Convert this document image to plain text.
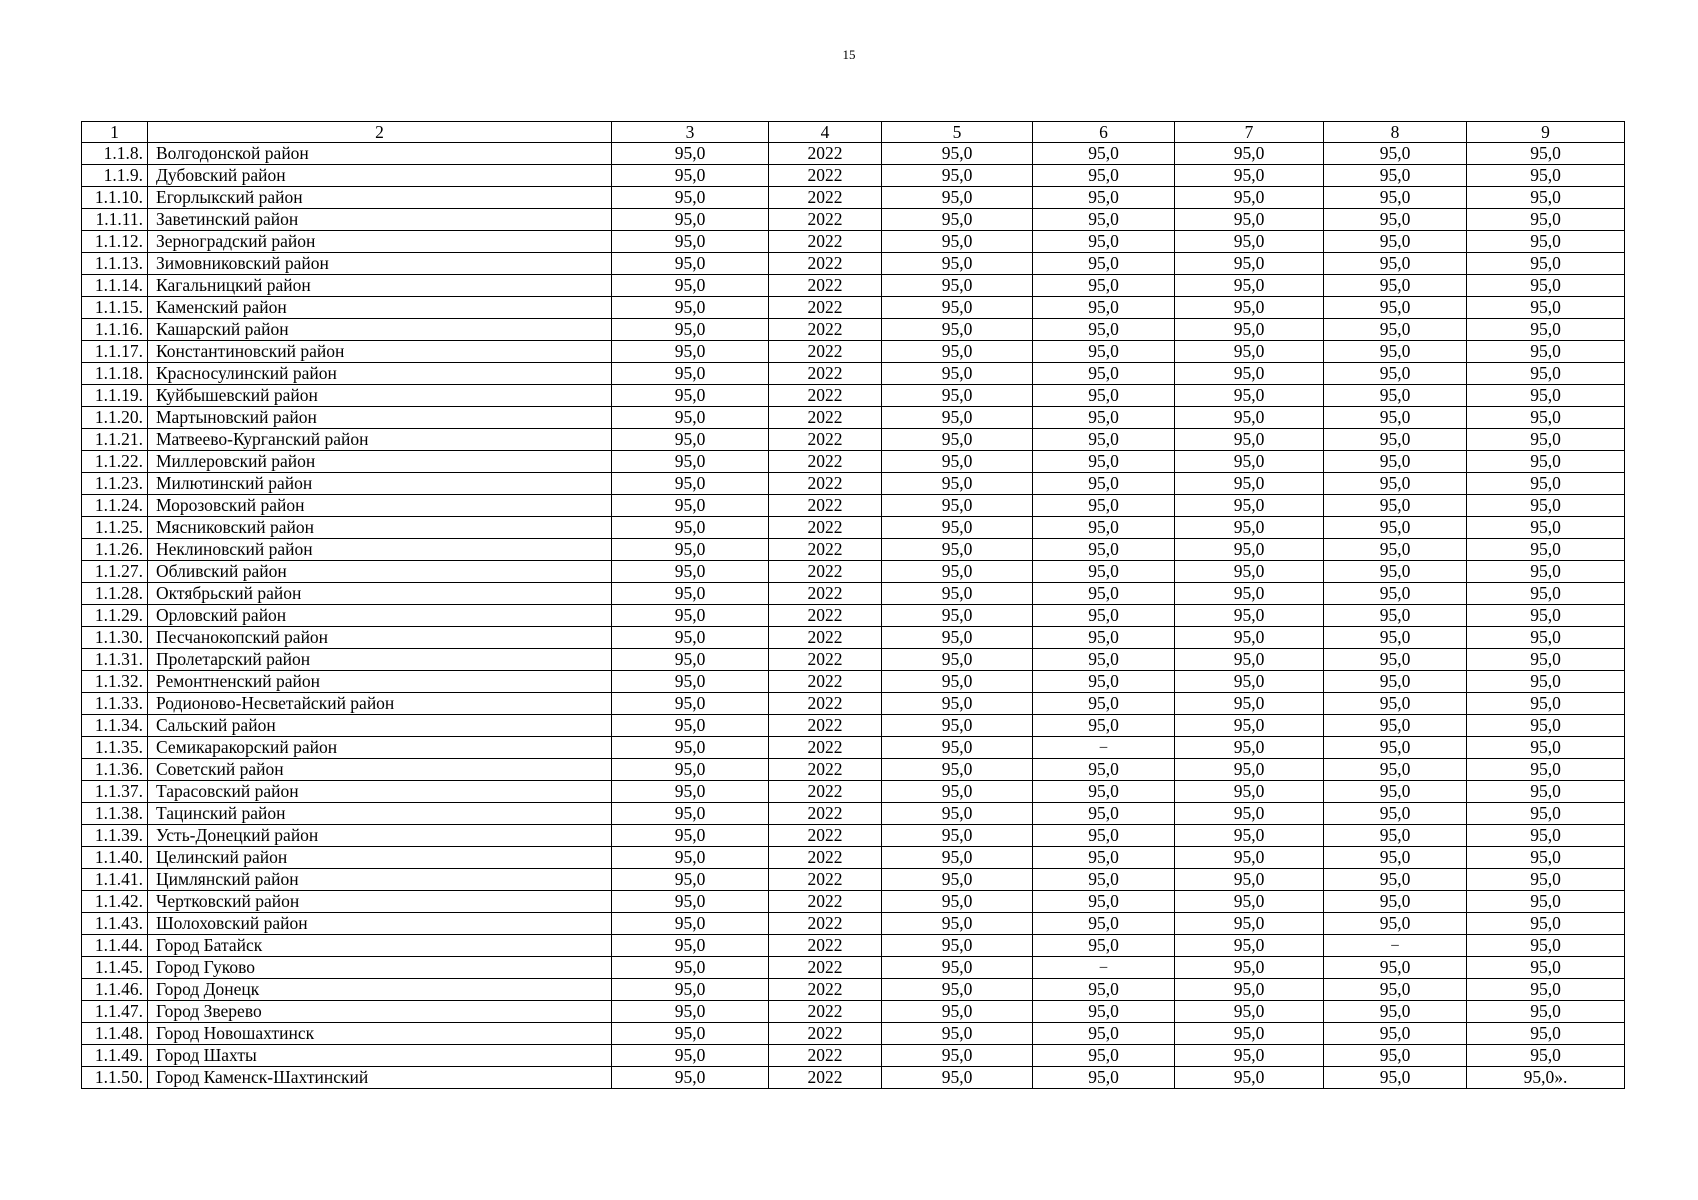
15
1	2	3	4	5	6	7	8	9
1.1.8.	Волгодонской район	95,0	2022	95,0	95,0	95,0	95,0	95,0
1.1.9.	Дубовский район	95,0	2022	95,0	95,0	95,0	95,0	95,0
1.1.10.	Егорлыкский район	95,0	2022	95,0	95,0	95,0	95,0	95,0
1.1.11.	Заветинский район	95,0	2022	95,0	95,0	95,0	95,0	95,0
1.1.12.	Зерноградский район	95,0	2022	95,0	95,0	95,0	95,0	95,0
1.1.13.	Зимовниковский район	95,0	2022	95,0	95,0	95,0	95,0	95,0
1.1.14.	Кагальницкий район	95,0	2022	95,0	95,0	95,0	95,0	95,0
1.1.15.	Каменский район	95,0	2022	95,0	95,0	95,0	95,0	95,0
1.1.16.	Кашарский район	95,0	2022	95,0	95,0	95,0	95,0	95,0
1.1.17.	Константиновский район	95,0	2022	95,0	95,0	95,0	95,0	95,0
1.1.18.	Красносулинский район	95,0	2022	95,0	95,0	95,0	95,0	95,0
1.1.19.	Куйбышевский район	95,0	2022	95,0	95,0	95,0	95,0	95,0
1.1.20.	Мартыновский район	95,0	2022	95,0	95,0	95,0	95,0	95,0
1.1.21.	Матвеево-Курганский район	95,0	2022	95,0	95,0	95,0	95,0	95,0
1.1.22.	Миллеровский район	95,0	2022	95,0	95,0	95,0	95,0	95,0
1.1.23.	Милютинский район	95,0	2022	95,0	95,0	95,0	95,0	95,0
1.1.24.	Морозовский район	95,0	2022	95,0	95,0	95,0	95,0	95,0
1.1.25.	Мясниковский район	95,0	2022	95,0	95,0	95,0	95,0	95,0
1.1.26.	Неклиновский район	95,0	2022	95,0	95,0	95,0	95,0	95,0
1.1.27.	Обливский район	95,0	2022	95,0	95,0	95,0	95,0	95,0
1.1.28.	Октябрьский район	95,0	2022	95,0	95,0	95,0	95,0	95,0
1.1.29.	Орловский район	95,0	2022	95,0	95,0	95,0	95,0	95,0
1.1.30.	Песчанокопский район	95,0	2022	95,0	95,0	95,0	95,0	95,0
1.1.31.	Пролетарский район	95,0	2022	95,0	95,0	95,0	95,0	95,0
1.1.32.	Ремонтненский район	95,0	2022	95,0	95,0	95,0	95,0	95,0
1.1.33.	Родионово-Несветайский район	95,0	2022	95,0	95,0	95,0	95,0	95,0
1.1.34.	Сальский район	95,0	2022	95,0	95,0	95,0	95,0	95,0
1.1.35.	Семикаракорский район	95,0	2022	95,0	–	95,0	95,0	95,0
1.1.36.	Советский район	95,0	2022	95,0	95,0	95,0	95,0	95,0
1.1.37.	Тарасовский район	95,0	2022	95,0	95,0	95,0	95,0	95,0
1.1.38.	Тацинский район	95,0	2022	95,0	95,0	95,0	95,0	95,0
1.1.39.	Усть-Донецкий район	95,0	2022	95,0	95,0	95,0	95,0	95,0
1.1.40.	Целинский район	95,0	2022	95,0	95,0	95,0	95,0	95,0
1.1.41.	Цимлянский район	95,0	2022	95,0	95,0	95,0	95,0	95,0
1.1.42.	Чертковский район	95,0	2022	95,0	95,0	95,0	95,0	95,0
1.1.43.	Шолоховский район	95,0	2022	95,0	95,0	95,0	95,0	95,0
1.1.44.	Город Батайск	95,0	2022	95,0	95,0	95,0	–	95,0
1.1.45.	Город Гуково	95,0	2022	95,0	–	95,0	95,0	95,0
1.1.46.	Город Донецк	95,0	2022	95,0	95,0	95,0	95,0	95,0
1.1.47.	Город Зверево	95,0	2022	95,0	95,0	95,0	95,0	95,0
1.1.48.	Город Новошахтинск	95,0	2022	95,0	95,0	95,0	95,0	95,0
1.1.49.	Город Шахты	95,0	2022	95,0	95,0	95,0	95,0	95,0
1.1.50.	Город Каменск-Шахтинский	95,0	2022	95,0	95,0	95,0	95,0	95,0».
